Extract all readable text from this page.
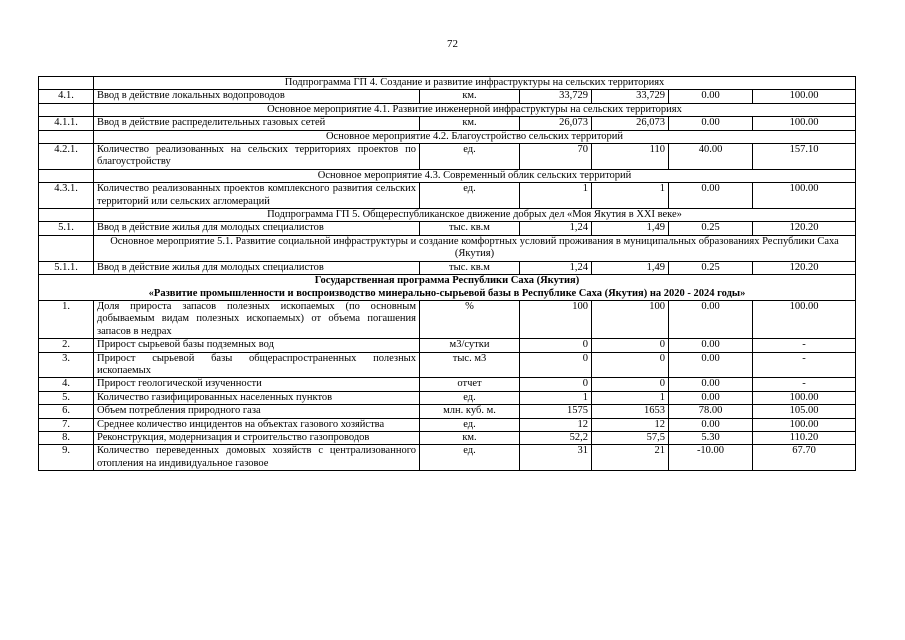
72
	Подпрограмма ГП 4. Создание и развитие инфраструктуры на сельских территориях					
4.1.	Ввод в действие локальных водопроводов	км.	33,729	33,729	0.00	100.00
	Основное мероприятие 4.1. Развитие инженерной инфраструктуры на сельских территориях					
4.1.1.	Ввод в действие распределительных газовых сетей	км.	26,073	26,073	0.00	100.00
	Основное мероприятие 4.2. Благоустройство сельских территорий					
4.2.1.	Количество реализованных на сельских территориях проектов по благоустройству	ед.	70	110	40.00	157.10
	Основное мероприятие 4.3. Современный облик сельских территорий					
4.3.1.	Количество реализованных проектов комплексного развития сельских территорий или сельских агломераций	ед.	1	1	0.00	100.00
	Подпрограмма ГП 5. Общереспубликанское движение добрых дел «Моя Якутия в XXI веке»					
5.1.	Ввод в действие жилья для молодых специалистов	тыс. кв.м	1,24	1,49	0.25	120.20
	Основное мероприятие 5.1. Развитие социальной инфраструктуры и создание комфортных условий проживания в муниципальных образованиях Республики Саха (Якутия)					
5.1.1.	Ввод в действие жилья для молодых специалистов	тыс. кв.м	1,24	1,49	0.25	120.20

Государственная программа Республики Саха (Якутия)
«Развитие промышленности и воспроизводство минерально-сырьевой базы в Республике Саха (Якутия) на 2020 - 2024 годы»						

1.	Доля прироста запасов полезных ископаемых (по основным добываемым видам полезных ископаемых) от объема погашения запасов в недрах	%	100	100	0.00	100.00
2.	Прирост сырьевой базы подземных вод	м3/сутки	0	0	0.00	-
3.	Прирост сырьевой базы общераспространенных полезных ископаемых	тыс. м3	0	0	0.00	-
4.	Прирост геологической изученности	отчет	0	0	0.00	-
5.	Количество газифицированных населенных пунктов	ед.	1	1	0.00	100.00
6.	Объем потребления природного газа	млн. куб. м.	1575	1653	78.00	105.00
7.	Среднее количество инцидентов на объектах газового хозяйства	ед.	12	12	0.00	100.00
8.	Реконструкция, модернизация и строительство газопроводов	км.	52,2	57,5	5.30	110.20
9.	Количество переведенных домовых хозяйств с централизованного отопления на индивидуальное газовое	ед.	31	21	-10.00	67.70
